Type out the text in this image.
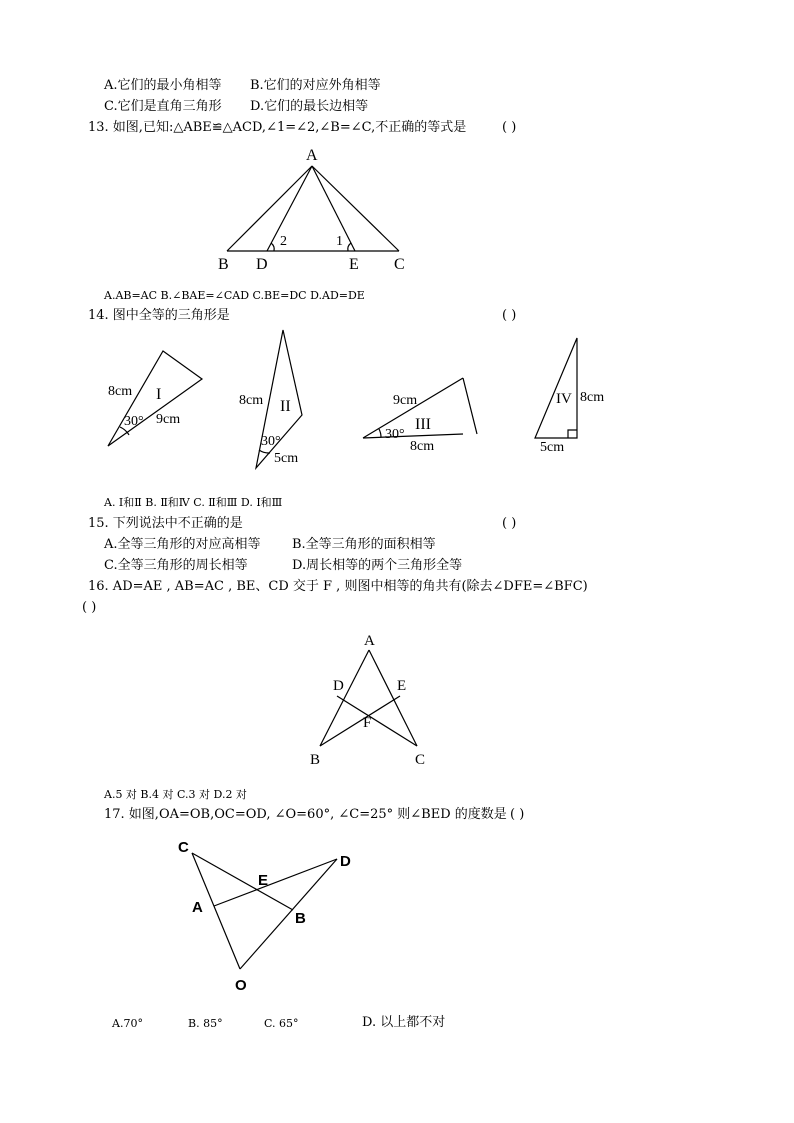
A.它们的最小角相等 B.它们的对应外角相等
C.它们是直角三角形 D.它们的最长边相等
13. 如图,已知:△ABE≌△ACD,∠1=∠2,∠B=∠C,不正确的等式是	( )
A
B D	E C
2	1
A.AB=AC B.∠BAE=∠CAD C.BE=DC D.AD=DE
14. 图中全等的三角形是	( )
I
8cm
9cm
30°
II
8cm
5cm
30°
III
9cm
8cm
30°
IV 8cm
5cm
A. Ⅰ和Ⅱ B. Ⅱ和Ⅳ C. Ⅱ和Ⅲ D. Ⅰ和Ⅲ
15. 下列说法中不正确的是	( )
A.全等三角形的对应高相等 B.全等三角形的面积相等
C.全等三角形的周长相等	D.周长相等的两个三角形全等
16. AD=AE , AB=AC , BE、CD 交于 F , 则图中相等的角共有(除去∠DFE=∠BFC)
( )
A
D	E
F
B	C
A.5 对 B.4 对 C.3 对 D.2 对
17. 如图,OA=OB,OC=OD, ∠O=60°, ∠C=25° 则∠BED 的度数是 ( )
C
D
E
A
B
O
A.70°	B. 85°	C. 65°	D. 以上都不对
